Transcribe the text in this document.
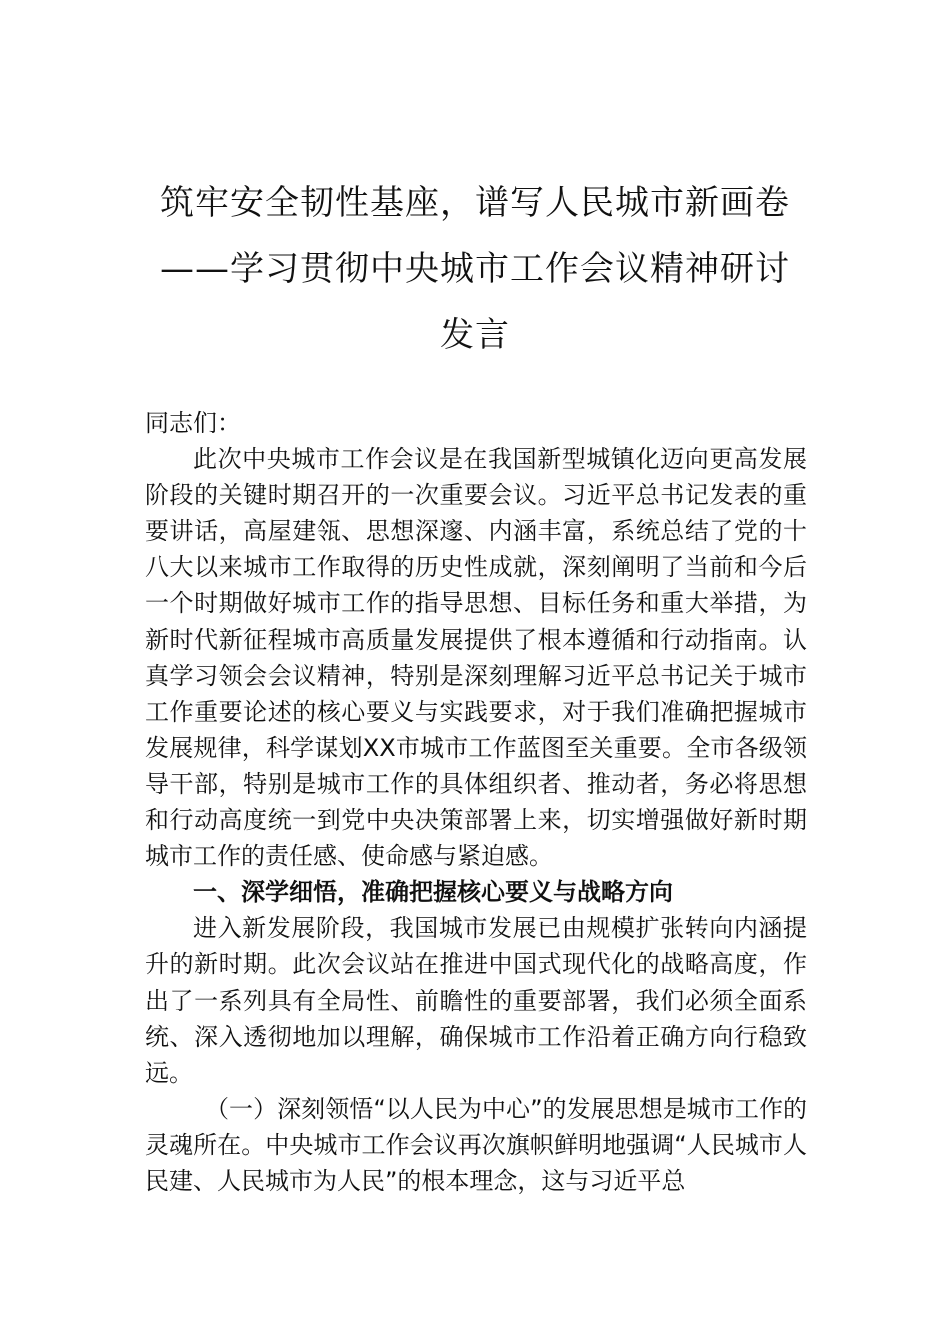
筑牢安全韧性基座，谱写人民城市新画卷
——学习贯彻中央城市工作会议精神研讨
发言

同志们：

此次中央城市工作会议是在我国新型城镇化迈向更高发展阶段的关键时期召开的一次重要会议。习近平总书记发表的重要讲话，高屋建瓴、思想深邃、内涵丰富，系统总结了党的十八大以来城市工作取得的历史性成就，深刻阐明了当前和今后一个时期做好城市工作的指导思想、目标任务和重大举措，为新时代新征程城市高质量发展提供了根本遵循和行动指南。认真学习领会会议精神，特别是深刻理解习近平总书记关于城市工作重要论述的核心要义与实践要求，对于我们准确把握城市发展规律，科学谋划XX市城市工作蓝图至关重要。全市各级领导干部，特别是城市工作的具体组织者、推动者，务必将思想和行动高度统一到党中央决策部署上来，切实增强做好新时期城市工作的责任感、使命感与紧迫感。

一、深学细悟，准确把握核心要义与战略方向

进入新发展阶段，我国城市发展已由规模扩张转向内涵提升的新时期。此次会议站在推进中国式现代化的战略高度，作出了一系列具有全局性、前瞻性的重要部署，我们必须全面系统、深入透彻地加以理解，确保城市工作沿着正确方向行稳致远。

（一）深刻领悟“以人民为中心”的发展思想是城市工作的灵魂所在。中央城市工作会议再次旗帜鲜明地强调“人民城市人民建、人民城市为人民”的根本理念，这与习近平总
